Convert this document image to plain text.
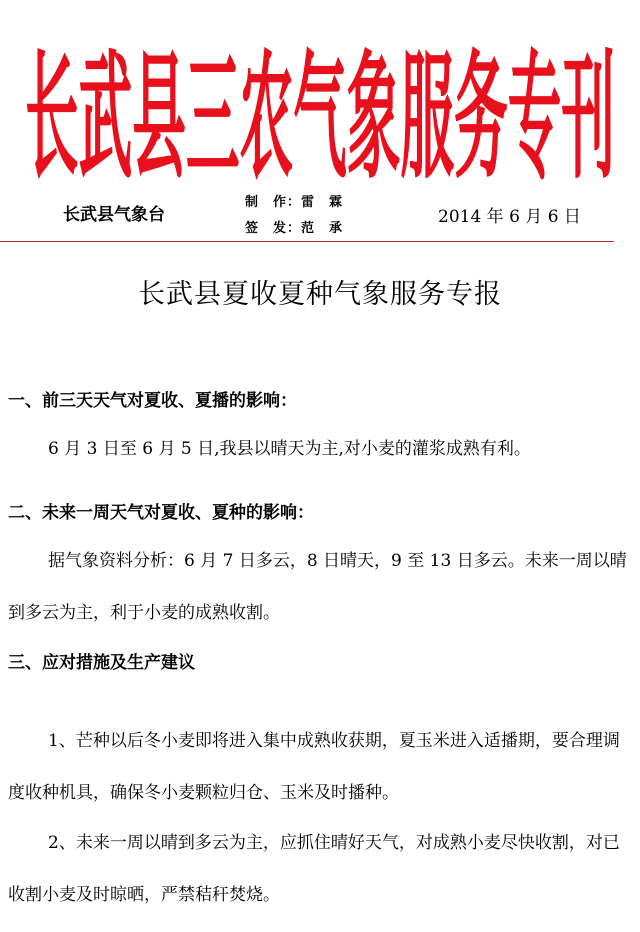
长武县三农气象服务专刊
长武县气象台
制　作：雷　霖
签　发：范　承
2014 年 6 月 6 日
长武县夏收夏种气象服务专报
一、前三天天气对夏收、夏播的影响：
6 月 3 日至 6 月 5 日,我县以晴天为主,对小麦的灌浆成熟有利。
二、未来一周天气对夏收、夏种的影响：
据气象资料分析：6 月 7 日多云，8 日晴天，9 至 13 日多云。未来一周以晴到多云为主，利于小麦的成熟收割。
三、应对措施及生产建议
1、芒种以后冬小麦即将进入集中成熟收获期，夏玉米进入适播期，要合理调度收种机具，确保冬小麦颗粒归仓、玉米及时播种。
2、未来一周以晴到多云为主，应抓住晴好天气，对成熟小麦尽快收割，对已收割小麦及时晾晒，严禁秸秆焚烧。
